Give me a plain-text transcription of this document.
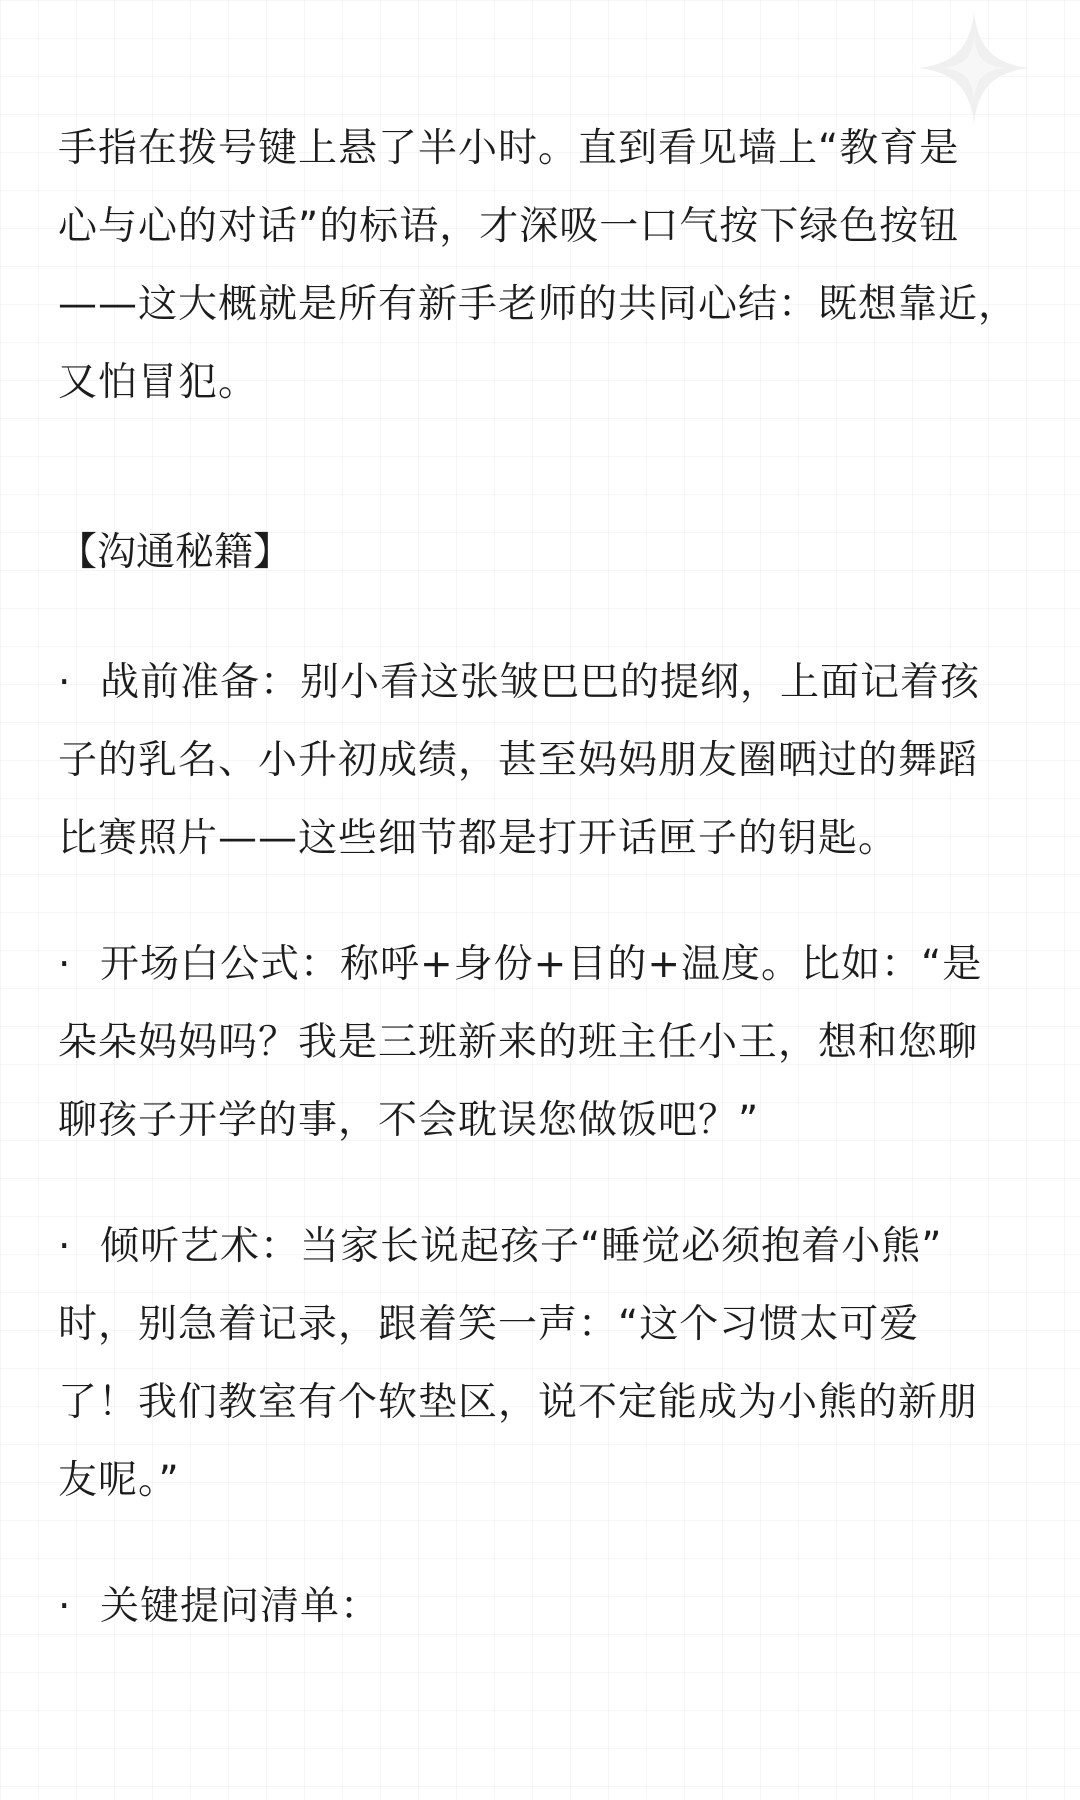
手指在拨号键上悬了半小时。直到看见墙上“教育是
心与心的对话”的标语，才深吸一口气按下绿色按钮
——这大概就是所有新手老师的共同心结：既想靠近，
又怕冒犯。

【沟通秘籍】

· 战前准备：别小看这张皱巴巴的提纲，上面记着孩
子的乳名、小升初成绩，甚至妈妈朋友圈晒过的舞蹈
比赛照片——这些细节都是打开话匣子的钥匙。

· 开场白公式：称呼+身份+目的+温度。比如：“是
朵朵妈妈吗？我是三班新来的班主任小王，想和您聊
聊孩子开学的事，不会耽误您做饭吧？”

· 倾听艺术：当家长说起孩子“睡觉必须抱着小熊”
时，别急着记录，跟着笑一声：“这个习惯太可爱
了！我们教室有个软垫区，说不定能成为小熊的新朋
友呢。”

· 关键提问清单：
